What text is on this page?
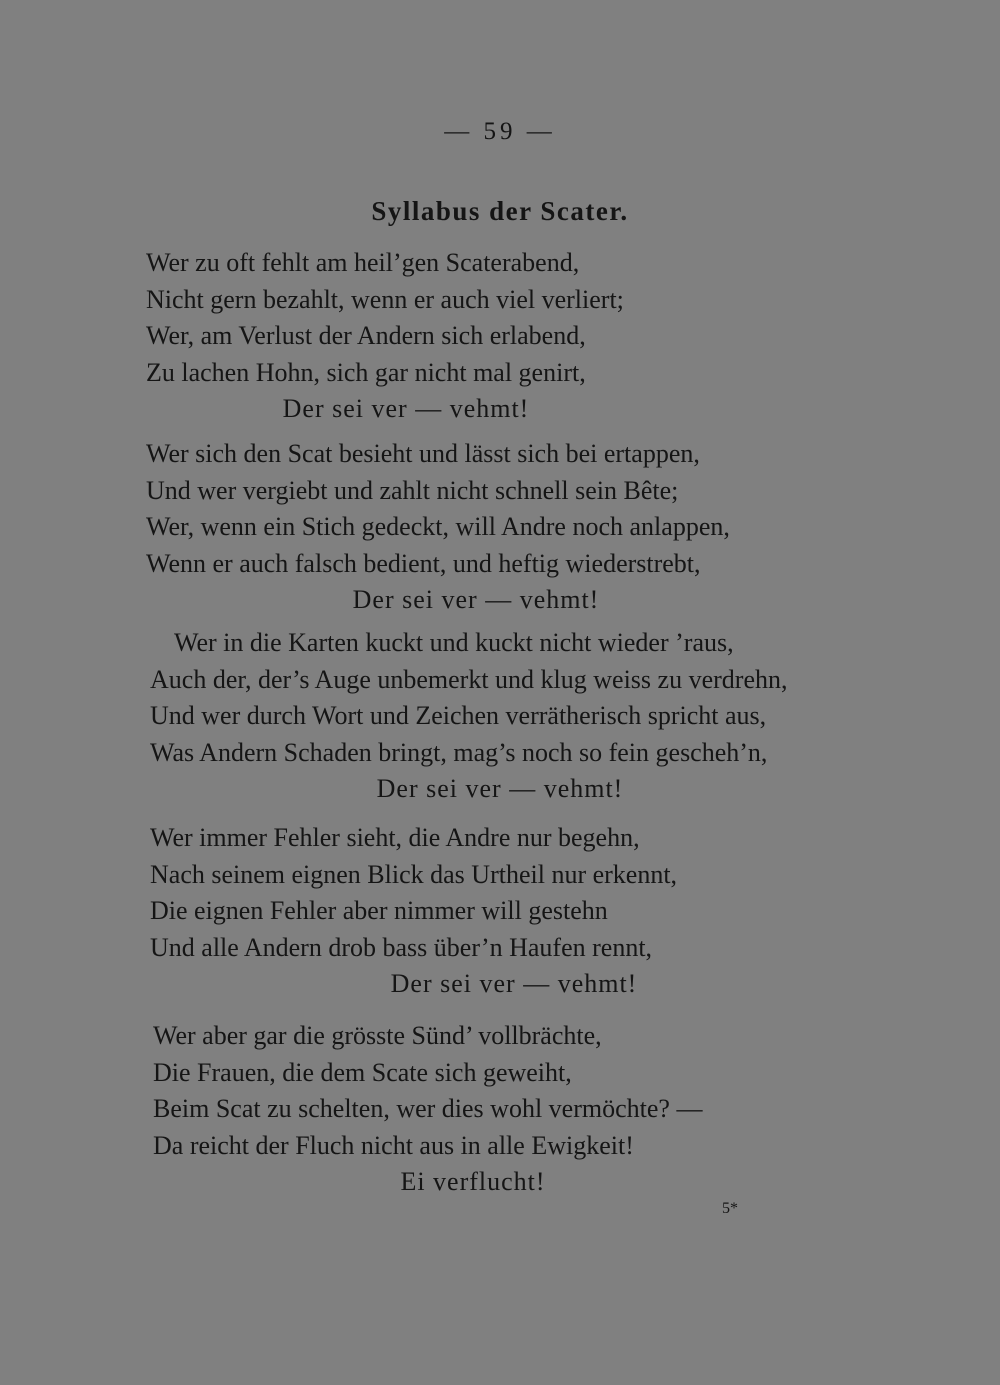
— 59 —
Syllabus der Scater.
Wer zu oft fehlt am heil’gen Scaterabend,
Nicht gern bezahlt, wenn er auch viel verliert;
Wer, am Verlust der Andern sich erlabend,
Zu lachen Hohn, sich gar nicht mal genirt,
Der sei ver — vehmt!
Wer sich den Scat besieht und lässt sich bei ertappen,
Und wer vergiebt und zahlt nicht schnell sein Bête;
Wer, wenn ein Stich gedeckt, will Andre noch anlappen,
Wenn er auch falsch bedient, und heftig wiederstrebt,
Der sei ver — vehmt!
Wer in die Karten kuckt und kuckt nicht wieder ’raus,
Auch der, der’s Auge unbemerkt und klug weiss zu verdrehn,
Und wer durch Wort und Zeichen verrätherisch spricht aus,
Was Andern Schaden bringt, mag’s noch so fein gescheh’n,
Der sei ver — vehmt!
Wer immer Fehler sieht, die Andre nur begehn,
Nach seinem eignen Blick das Urtheil nur erkennt,
Die eignen Fehler aber nimmer will gestehn
Und alle Andern drob bass über’n Haufen rennt,
Der sei ver — vehmt!
Wer aber gar die grösste Sünd’ vollbrächte,
Die Frauen, die dem Scate sich geweiht,
Beim Scat zu schelten, wer dies wohl vermöchte? —
Da reicht der Fluch nicht aus in alle Ewigkeit!
Ei verflucht!
5*
